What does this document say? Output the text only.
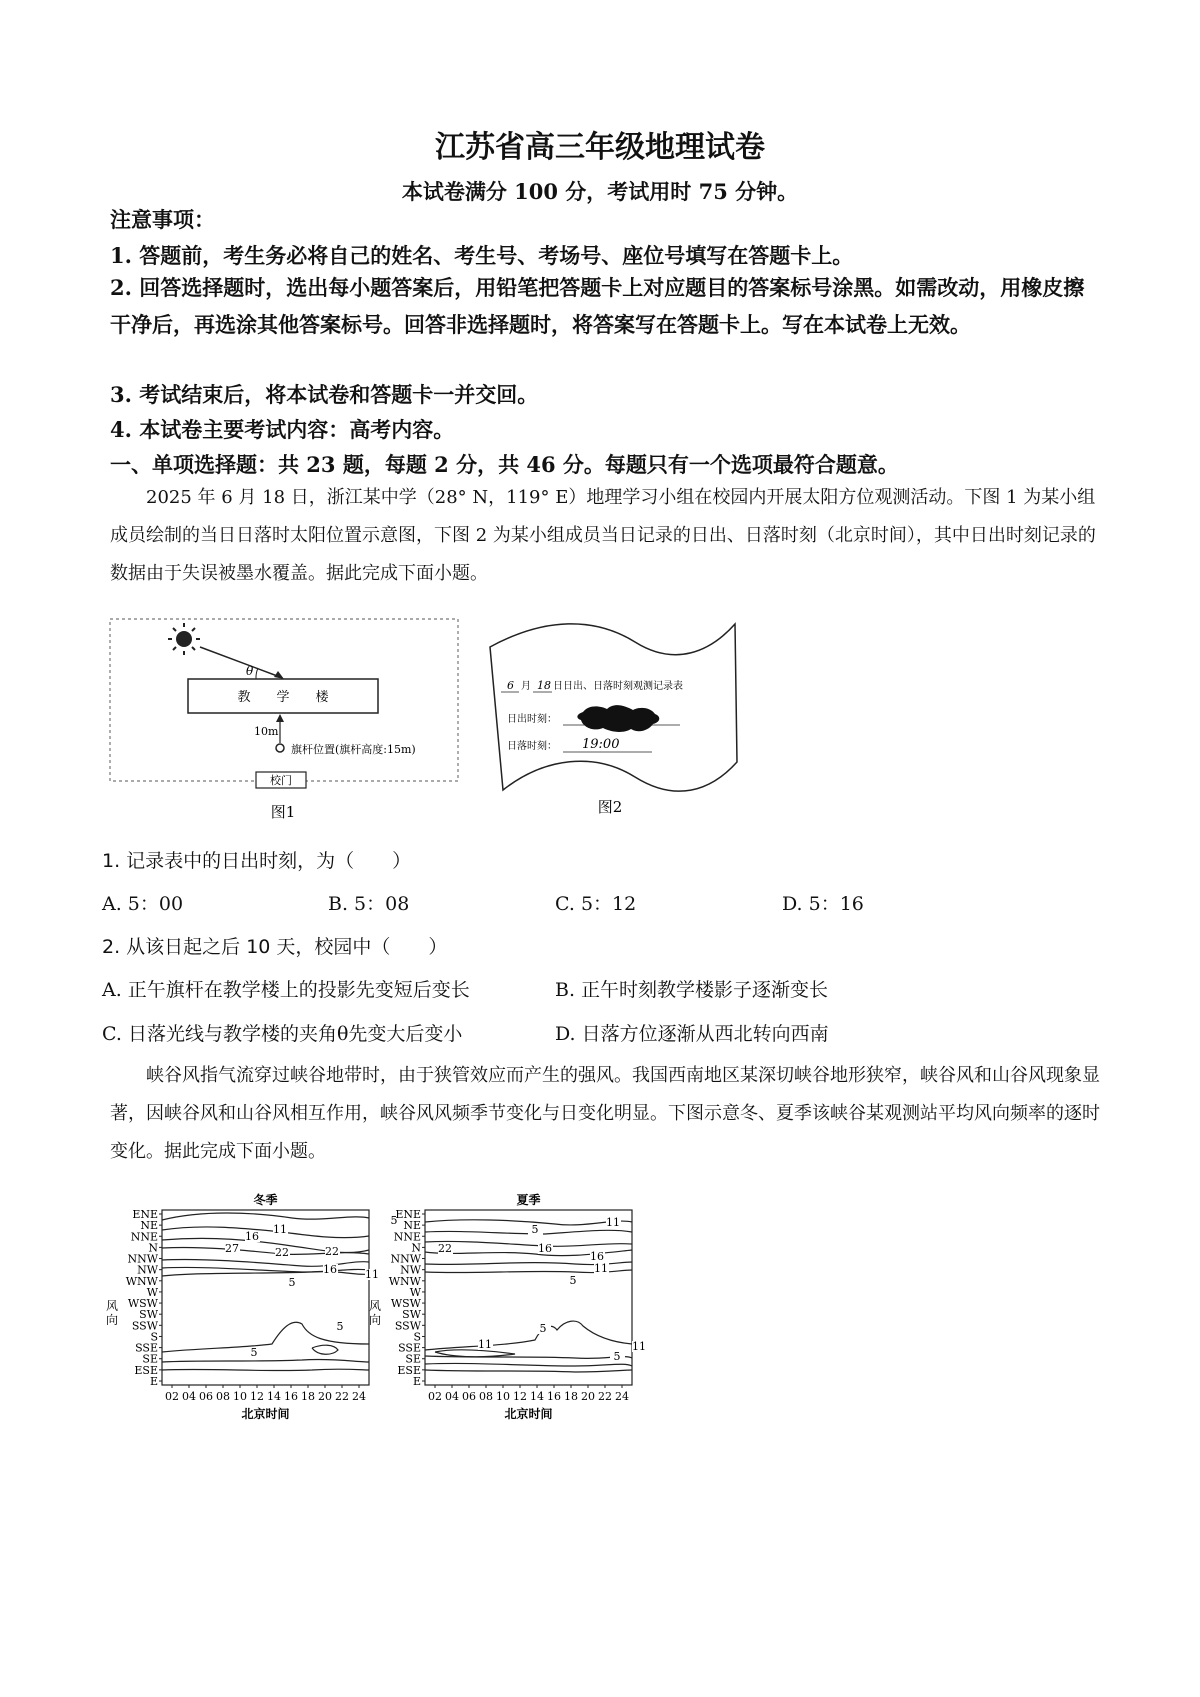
江苏省高三年级地理试卷
本试卷满分 100 分，考试用时 75 分钟。
注意事项：
1. 答题前，考生务必将自己的姓名、考生号、考场号、座位号填写在答题卡上。
2. 回答选择题时，选出每小题答案后，用铅笔把答题卡上对应题目的答案标号涂黑。如需改动，用橡皮擦干净后，再选涂其他答案标号。回答非选择题时，将答案写在答题卡上。写在本试卷上无效。
3. 考试结束后，将本试卷和答题卡一并交回。
4. 本试卷主要考试内容：高考内容。
一、单项选择题：共 23 题，每题 2 分，共 46 分。每题只有一个选项最符合题意。
2025 年 6 月 18 日，浙江某中学（28° N，119° E）地理学习小组在校园内开展太阳方位观测活动。下图 1 为某小组成员绘制的当日日落时太阳位置示意图，下图 2 为某小组成员当日记录的日出、日落时刻（北京时间），其中日出时刻记录的数据由于失误被墨水覆盖。据此完成下面小题。
θ
教　　学　　楼
10m
旗杆位置(旗杆高度:15m)
校门
图1
6 月 18 日日出、日落时刻观测记录表
日出时刻：
日落时刻： 19:00
图2
1. 记录表中的日出时刻，为（　　）
A. 5：00	B. 5：08	C. 5：12	D. 5：16
2. 从该日起之后 10 天，校园中（　　）
A. 正午旗杆在教学楼上的投影先变短后变长	B. 正午时刻教学楼影子逐渐变长
C. 日落光线与教学楼的夹角θ先变大后变小	D. 日落方位逐渐从西北转向西南
峡谷风指气流穿过峡谷地带时，由于狭管效应而产生的强风。我国西南地区某深切峡谷地形狭窄，峡谷风和山谷风现象显著，因峡谷风和山谷风相互作用，峡谷风风频季节变化与日变化明显。下图示意冬、夏季该峡谷某观测站平均风向频率的逐时变化。据此完成下面小题。
冬季
ENE
NE
NNE
N
NNW
NW
WNW
W
WSW
SW
SSW
S
SSE
SE
ESE
E
02 04 06 08 10 12 14 16 18 20 22 24
北京时间
风
向
11
5
16
27	22	22
16	11
5
5
5
夏季
ENE
NE
NNE
N
NNW
NW
WNW
W
WSW
SW
SSW
S
SSE
SE
ESE
E
02 04 06 08 10 12 14 16 18 20 22 24
北京时间
风
向
5
11
22	16
16
11
5
5
11	11
5
